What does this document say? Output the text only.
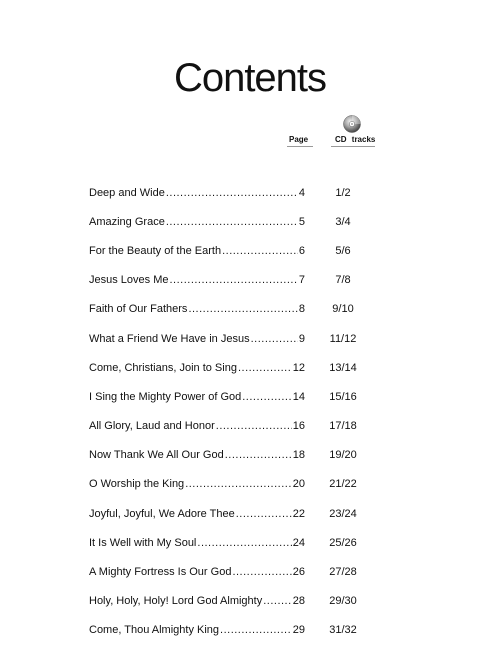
Contents
Page	CD tracks
Deep and Wide .....	4	1/2
Amazing Grace .....	5	3/4
For the Beauty of the Earth .....	6	5/6
Jesus Loves Me .....	7	7/8
Faith of Our Fathers .....	8	9/10
What a Friend We Have in Jesus .....	9	11/12
Come, Christians, Join to Sing .....	12	13/14
I Sing the Mighty Power of God .....	14	15/16
All Glory, Laud and Honor .....	16	17/18
Now Thank We All Our God .....	18	19/20
O Worship the King .....	20	21/22
Joyful, Joyful, We Adore Thee .....	22	23/24
It Is Well with My Soul .....	24	25/26
A Mighty Fortress Is Our God .....	26	27/28
Holy, Holy, Holy! Lord God Almighty .....	28	29/30
Come, Thou Almighty King .....	29	31/32
